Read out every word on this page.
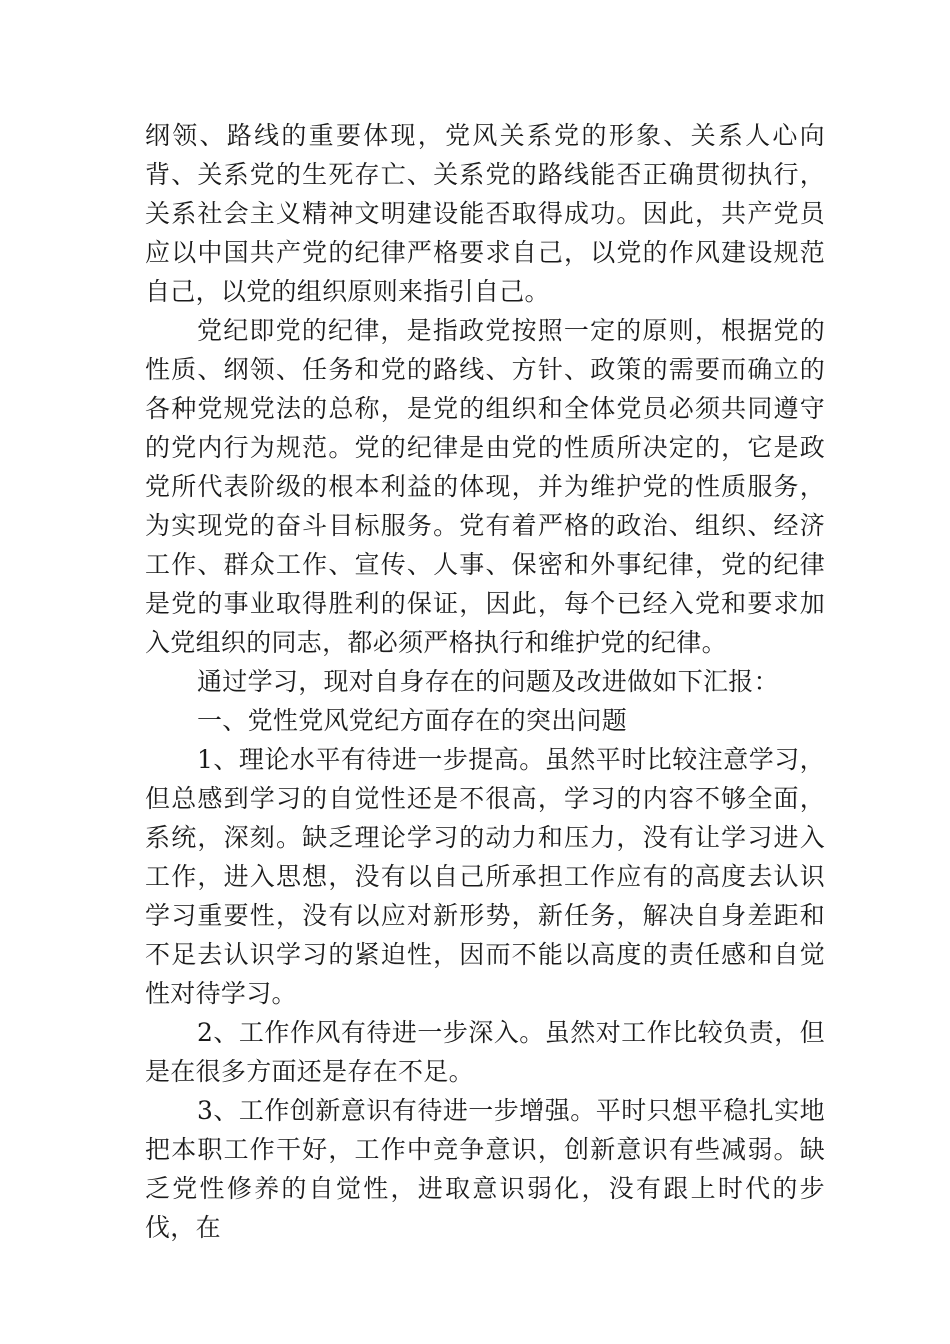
纲领、路线的重要体现，党风关系党的形象、关系人心向背、关系党的生死存亡、关系党的路线能否正确贯彻执行，关系社会主义精神文明建设能否取得成功。因此，共产党员应以中国共产党的纪律严格要求自己，以党的作风建设规范自己，以党的组织原则来指引自己。

党纪即党的纪律，是指政党按照一定的原则，根据党的性质、纲领、任务和党的路线、方针、政策的需要而确立的各种党规党法的总称，是党的组织和全体党员必须共同遵守的党内行为规范。党的纪律是由党的性质所决定的，它是政党所代表阶级的根本利益的体现，并为维护党的性质服务，为实现党的奋斗目标服务。党有着严格的政治、组织、经济工作、群众工作、宣传、人事、保密和外事纪律，党的纪律是党的事业取得胜利的保证，因此，每个已经入党和要求加入党组织的同志，都必须严格执行和维护党的纪律。

通过学习，现对自身存在的问题及改进做如下汇报：

一、党性党风党纪方面存在的突出问题

1、理论水平有待进一步提高。虽然平时比较注意学习，但总感到学习的自觉性还是不很高，学习的内容不够全面，系统，深刻。缺乏理论学习的动力和压力，没有让学习进入工作，进入思想，没有以自己所承担工作应有的高度去认识学习重要性，没有以应对新形势，新任务，解决自身差距和不足去认识学习的紧迫性，因而不能以高度的责任感和自觉性对待学习。

2、工作作风有待进一步深入。虽然对工作比较负责，但是在很多方面还是存在不足。

3、工作创新意识有待进一步增强。平时只想平稳扎实地把本职工作干好，工作中竞争意识，创新意识有些减弱。缺乏党性修养的自觉性，进取意识弱化，没有跟上时代的步伐，在
